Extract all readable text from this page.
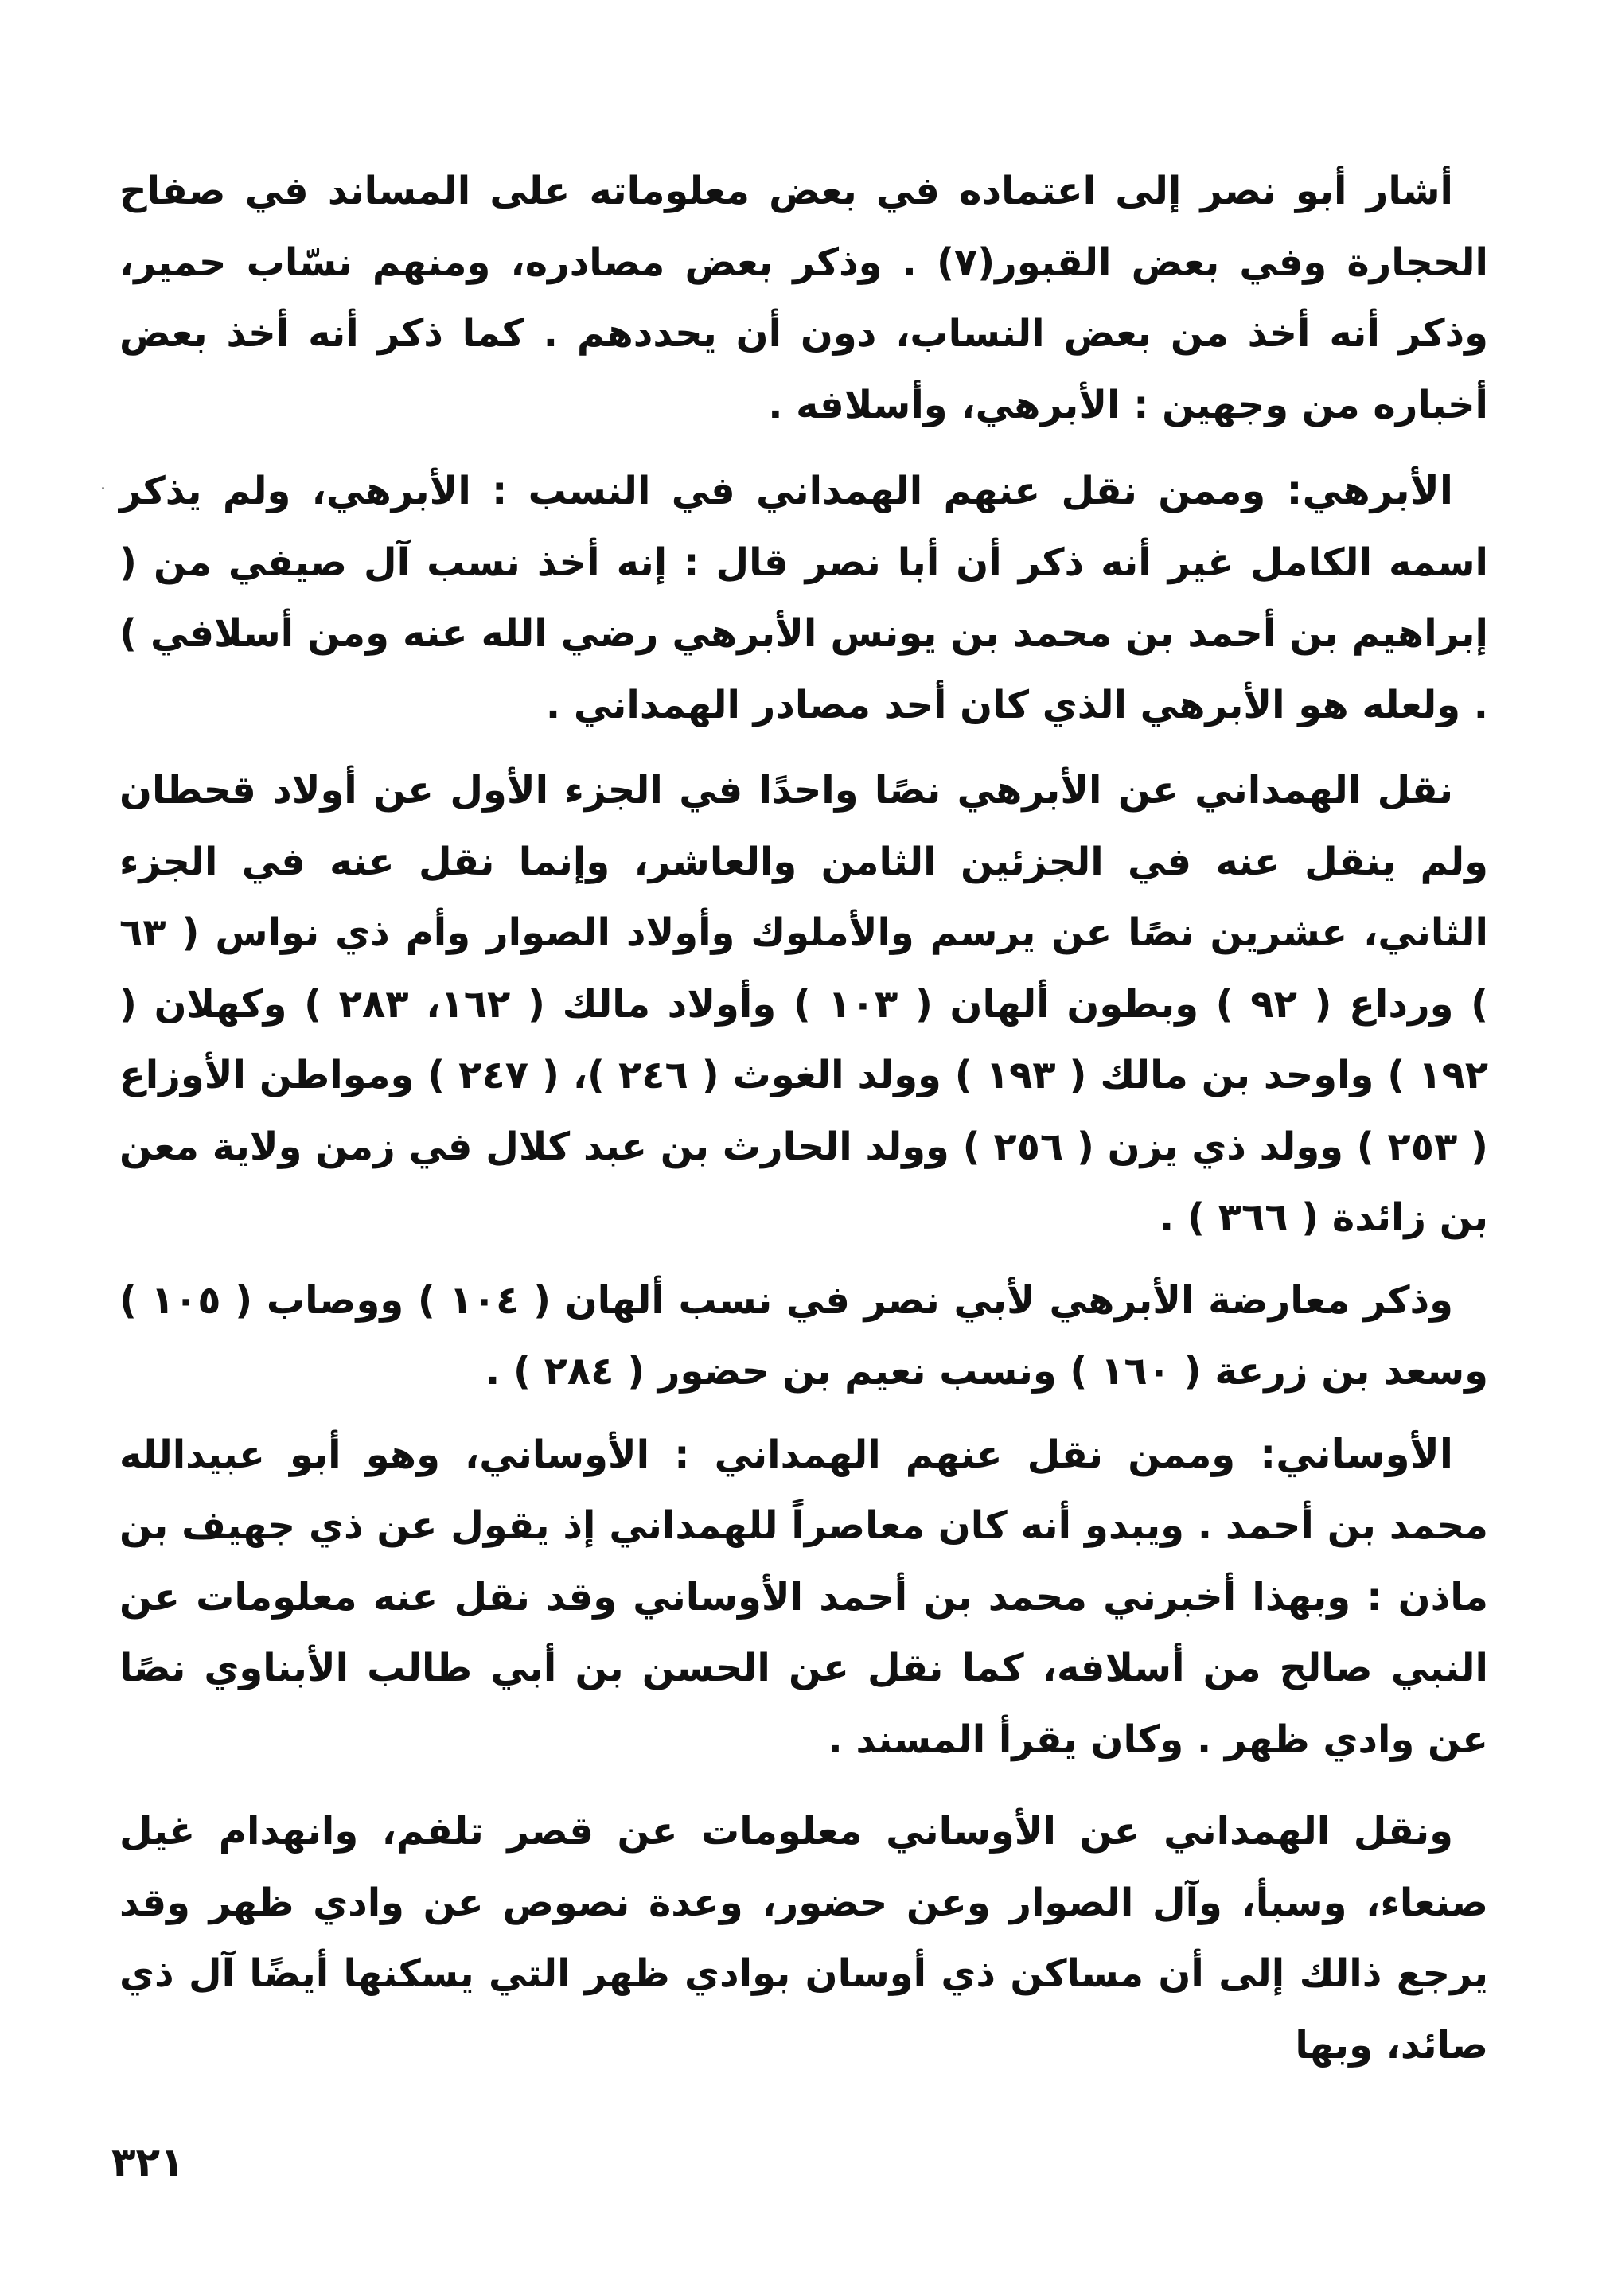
أشار أبو نصر إلى اعتماده في بعض معلوماته على المساند في صفاح الحجارة وفي بعض القبور(٧) . وذكر بعض مصادره، ومنهم نسّاب حمير، وذكر أنه أخذ من بعض النساب، دون أن يحددهم . كما ذكر أنه أخذ بعض أخباره من وجهين : الأبرهي، وأسلافه .

الأبرهي: وممن نقل عنهم الهمداني في النسب : الأبرهي، ولم يذكر اسمه الكامل غير أنه ذكر أن أبا نصر قال : إنه أخذ نسب آل صيفي من ( إبراهيم بن أحمد بن محمد بن يونس الأبرهي رضي الله عنه ومن أسلافي ) . ولعله هو الأبرهي الذي كان أحد مصادر الهمداني .

نقل الهمداني عن الأبرهي نصًا واحدًا في الجزء الأول عن أولاد قحطان ولم ينقل عنه في الجزئين الثامن والعاشر، وإنما نقل عنه في الجزء الثاني، عشرين نصًا عن يرسم والأملوك وأولاد الصوار وأم ذي نواس ( ٦٣ ) ورداع ( ٩٢ ) وبطون ألهان ( ١٠٣ ) وأولاد مالك ( ١٦٢، ٢٨٣ ) وكهلان ( ١٩٢ ) واوحد بن مالك ( ١٩٣ ) وولد الغوث ( ٢٤٦ )، ( ٢٤٧ ) ومواطن الأوزاع ( ٢٥٣ ) وولد ذي يزن ( ٢٥٦ ) وولد الحارث بن عبد كلال في زمن ولاية معن بن زائدة ( ٣٦٦ ) .

وذكر معارضة الأبرهي لأبي نصر في نسب ألهان ( ١٠٤ ) ووصاب ( ١٠٥ ) وسعد بن زرعة ( ١٦٠ ) ونسب نعيم بن حضور ( ٢٨٤ ) .

الأوساني: وممن نقل عنهم الهمداني : الأوساني، وهو أبو عبيدالله محمد بن أحمد . ويبدو أنه كان معاصراً للهمداني إذ يقول عن ذي جهيف بن ماذن : وبهذا أخبرني محمد بن أحمد الأوساني وقد نقل عنه معلومات عن النبي صالح من أسلافه، كما نقل عن الحسن بن أبي طالب الأبناوي نصًا عن وادي ظهر . وكان يقرأ المسند .

ونقل الهمداني عن الأوساني معلومات عن قصر تلفم، وانهدام غيل صنعاء، وسبأ، وآل الصوار وعن حضور، وعدة نصوص عن وادي ظهر وقد يرجع ذالك إلى أن مساكن ذي أوسان بوادي ظهر التي يسكنها أيضًا آل ذي صائد، وبها

٣٢١
